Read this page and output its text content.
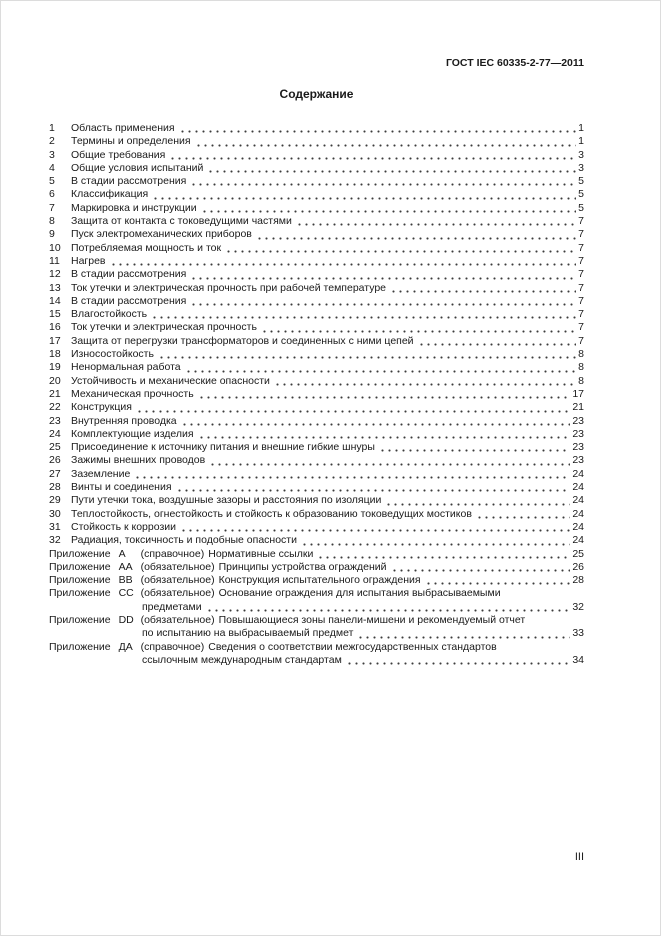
ГОСТ IEC 60335-2-77—2011
Содержание
1	Область применения	1
2	Термины и определения	1
3	Общие требования	3
4	Общие условия испытаний	3
5	В стадии рассмотрения	5
6	Классификация	5
7	Маркировка и инструкции	5
8	Защита от контакта с токоведущими частями	7
9	Пуск электромеханических приборов	7
10 Потребляемая мощность и ток	7
11	Нагрев	7
12 В стадии рассмотрения	7
13 Ток утечки и электрическая прочность при рабочей температуре	7
14 В стадии рассмотрения	7
15 Влагостойкость	7
16 Ток утечки и электрическая прочность	7
17 Защита от перегрузки трансформаторов и соединенных с ними цепей	7
18 Износостойкость	8
19 Ненормальная работа	8
20 Устойчивость и механические опасности	8
21 Механическая прочность	17
22 Конструкция	21
23 Внутренняя проводка	23
24 Комплектующие изделия	23
25 Присоединение к источнику питания и внешние гибкие шнуры	23
26 Зажимы внешних проводов	23
27 Заземление	24
28 Винты и соединения	24
29 Пути утечки тока, воздушные зазоры и расстояния по изоляции	24
30 Теплостойкость, огнестойкость и стойкость к образованию токоведущих мостиков	24
31 Стойкость к коррозии	24
32 Радиация, токсичность и подобные опасности	24
Приложение А	(справочное) Нормативные ссылки	25
Приложение АА (обязательное) Принципы устройства ограждений	26
Приложение ВВ (обязательное) Конструкция испытательного ограждения	28
Приложение СС (обязательное) Основание ограждения для испытания выбрасываемыми
предметами	32
Приложение DD (обязательное) Повышающиеся зоны панели-мишени и рекомендуемый отчет
по испытанию на выбрасываемый предмет	33
Приложение ДА (справочное) Сведения о соответствии межгосударственных стандартов
ссылочным международным стандартам	34
III
